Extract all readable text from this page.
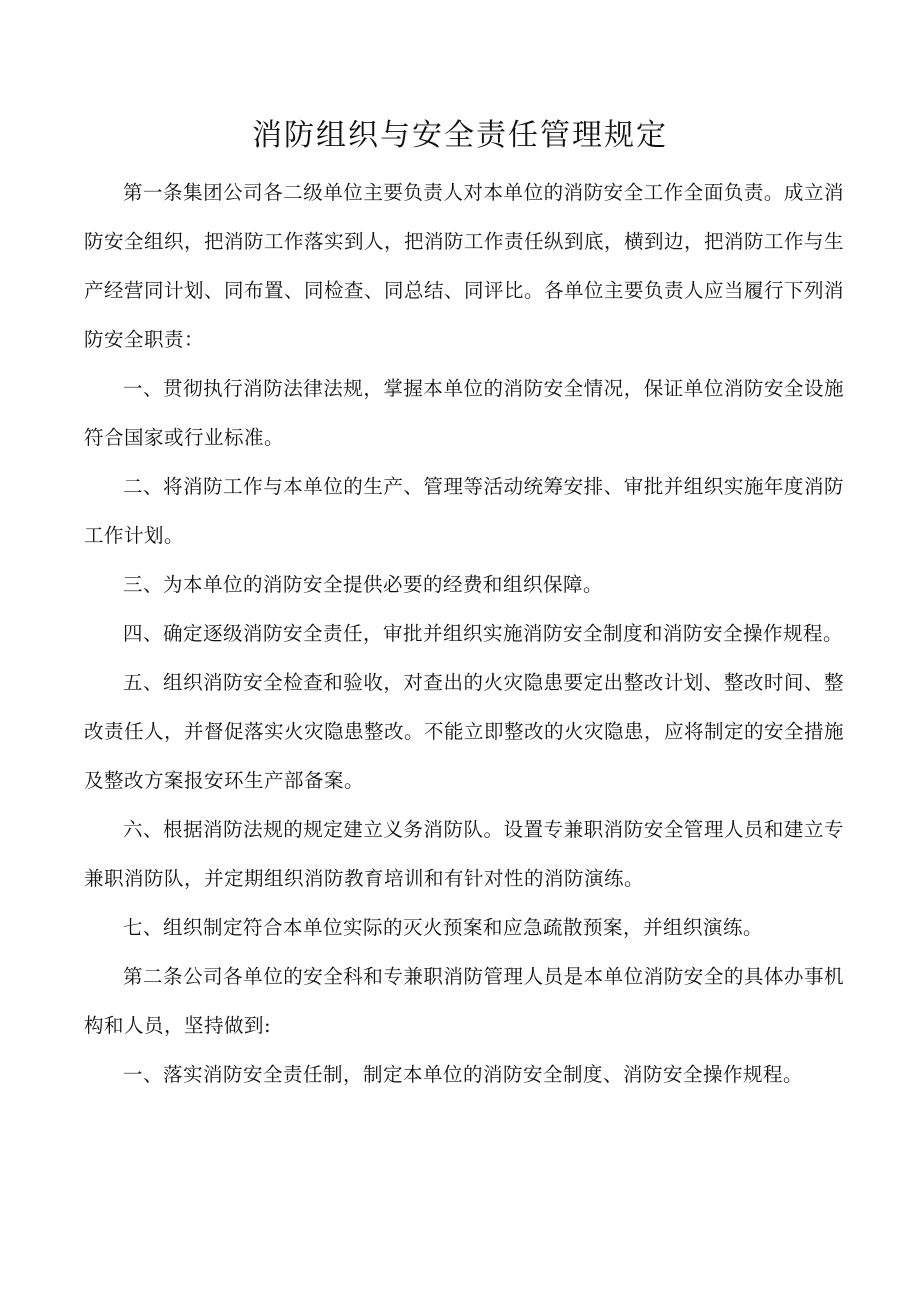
消防组织与安全责任管理规定

第一条集团公司各二级单位主要负责人对本单位的消防安全工作全面负责。成立消防安全组织，把消防工作落实到人，把消防工作责任纵到底，横到边，把消防工作与生产经营同计划、同布置、同检查、同总结、同评比。各单位主要负责人应当履行下列消防安全职责：

一、贯彻执行消防法律法规，掌握本单位的消防安全情况，保证单位消防安全设施符合国家或行业标准。

二、将消防工作与本单位的生产、管理等活动统筹安排、审批并组织实施年度消防工作计划。

三、为本单位的消防安全提供必要的经费和组织保障。

四、确定逐级消防安全责任，审批并组织实施消防安全制度和消防安全操作规程。

五、组织消防安全检查和验收，对查出的火灾隐患要定出整改计划、整改时间、整改责任人，并督促落实火灾隐患整改。不能立即整改的火灾隐患，应将制定的安全措施及整改方案报安环生产部备案。

六、根据消防法规的规定建立义务消防队。设置专兼职消防安全管理人员和建立专兼职消防队，并定期组织消防教育培训和有针对性的消防演练。

七、组织制定符合本单位实际的灭火预案和应急疏散预案，并组织演练。

第二条公司各单位的安全科和专兼职消防管理人员是本单位消防安全的具体办事机构和人员，坚持做到:

一、落实消防安全责任制，制定本单位的消防安全制度、消防安全操作规程。
